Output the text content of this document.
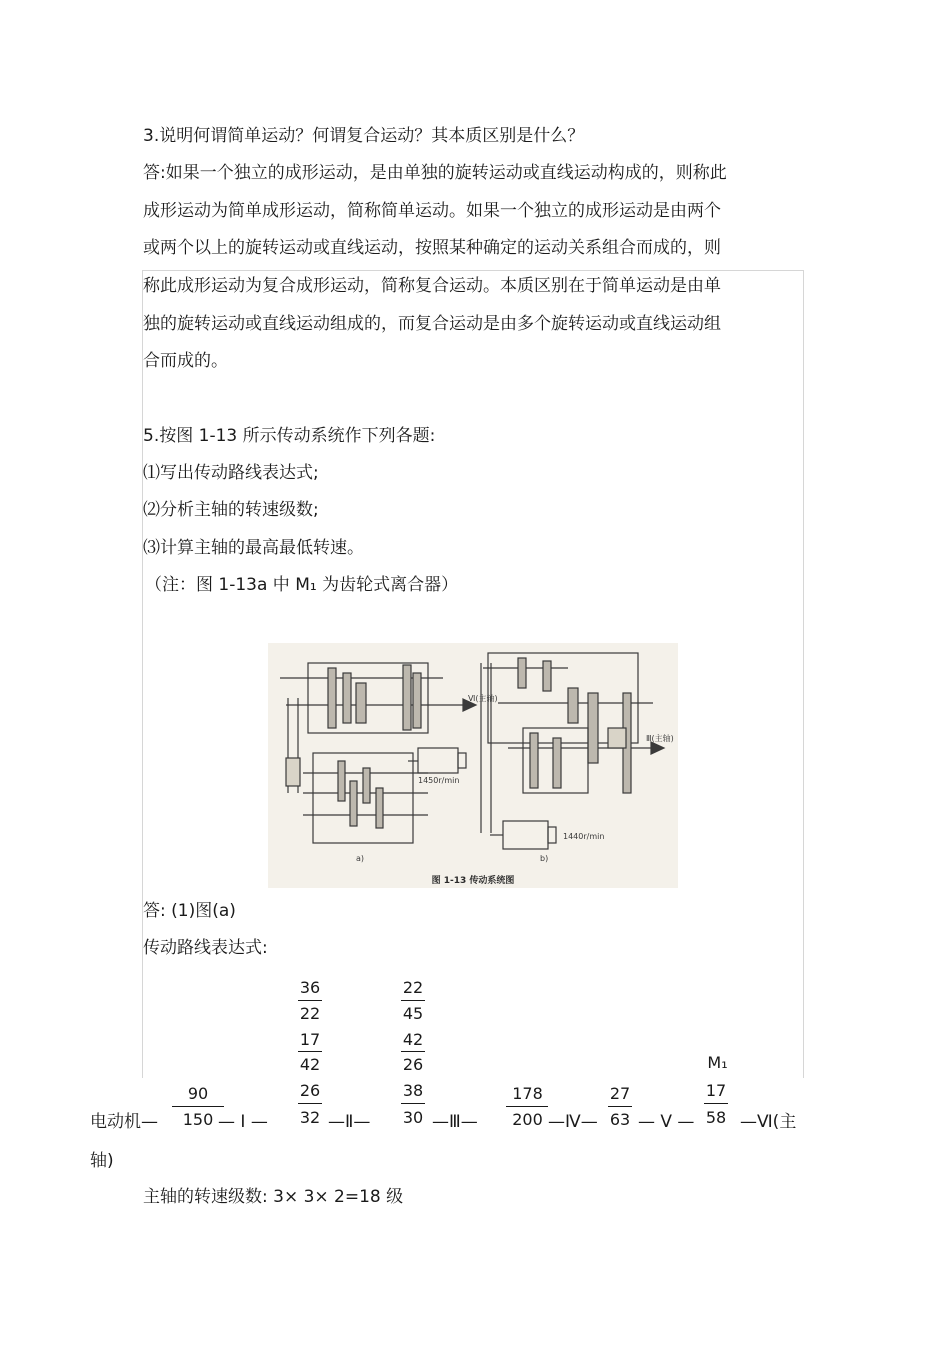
3.说明何谓简单运动？何谓复合运动？其本质区别是什么？
答:如果一个独立的成形运动，是由单独的旋转运动或直线运动构成的，则称此
成形运动为简单成形运动，简称简单运动。如果一个独立的成形运动是由两个
或两个以上的旋转运动或直线运动，按照某种确定的运动关系组合而成的，则
称此成形运动为复合成形运动，简称复合运动。本质区别在于简单运动是由单
独的旋转运动或直线运动组成的，而复合运动是由多个旋转运动或直线运动组
合而成的。
5.按图 1-13 所示传动系统作下列各题:
⑴写出传动路线表达式;
⑵分析主轴的转速级数;
⑶计算主轴的最高最低转速。
（注：图 1-13a 中 M₁ 为齿轮式离合器）
1450r/min
1440r/min
Ⅵ(主轴)
Ⅲ(主轴)
a)	b)
图 1-13 传动系统图
答: (1)图(a)
传动路线表达式:
36
22
17
42
26
32
22
45
42
26
38
30
M₁
90
150
178
200
27
63
17
58
电动机—	— Ⅰ —	—Ⅱ—	—Ⅲ—	—Ⅳ— — Ⅴ —	—Ⅵ(主
轴)
主轴的转速级数: 3× 3× 2=18 级
